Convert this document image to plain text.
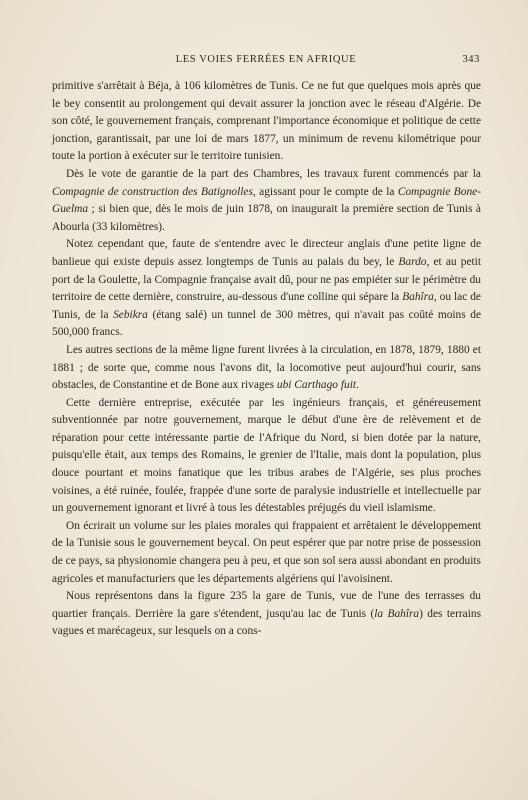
LES VOIES FERRÉES EN AFRIQUE	343

primitive s'arrêtait à Béja, à 106 kilomètres de Tunis. Ce ne fut que quelques mois après que le bey consentit au prolongement qui devait assurer la jonction avec le réseau d'Algérie. De son côté, le gouvernement français, comprenant l'importance économique et politique de cette jonction, garantissait, par une loi de mars 1877, un minimum de revenu kilométrique pour toute la portion à exécuter sur le territoire tunisien.

Dès le vote de garantie de la part des Chambres, les travaux furent commencés par la Compagnie de construction des Batignolles, agissant pour le compte de la Compagnie Bone-Guelma ; si bien que, dès le mois de juin 1878, on inaugurait la première section de Tunis à Abourla (33 kilomètres).

Notez cependant que, faute de s'entendre avec le directeur anglais d'une petite ligne de banlieue qui existe depuis assez longtemps de Tunis au palais du bey, le Bardo, et au petit port de la Goulette, la Compagnie française avait dû, pour ne pas empiéter sur le périmètre du territoire de cette dernière, construire, au-dessous d'une colline qui sépare la Bahîra, ou lac de Tunis, de la Sebikra (étang salé) un tunnel de 300 mètres, qui n'avait pas coûté moins de 500,000 francs.

Les autres sections de la même ligne furent livrées à la circulation, en 1878, 1879, 1880 et 1881 ; de sorte que, comme nous l'avons dit, la locomotive peut aujourd'hui courir, sans obstacles, de Constantine et de Bone aux rivages ubi Carthago fuit.

Cette dernière entreprise, exécutée par les ingénieurs français, et généreusement subventionnée par notre gouvernement, marque le début d'une ère de relèvement et de réparation pour cette intéressante partie de l'Afrique du Nord, si bien dotée par la nature, puisqu'elle était, aux temps des Romains, le grenier de l'Italie, mais dont la population, plus douce pourtant et moins fanatique que les tribus arabes de l'Algérie, ses plus proches voisines, a été ruinée, foulée, frappée d'une sorte de paralysie industrielle et intellectuelle par un gouvernement ignorant et livré à tous les détestables préjugés du vieil islamisme.

On écrirait un volume sur les plaies morales qui frappaient et arrêtaient le développement de la Tunisie sous le gouvernement beycal. On peut espérer que par notre prise de possession de ce pays, sa physionomie changera peu à peu, et que son sol sera aussi abondant en produits agricoles et manufacturiers que les départements algériens qui l'avoisinent.

Nous représentons dans la figure 235 la gare de Tunis, vue de l'une des terrasses du quartier français. Derrière la gare s'étendent, jusqu'au lac de Tunis (la Bahîra) des terrains vagues et marécageux, sur lesquels on a cons-
